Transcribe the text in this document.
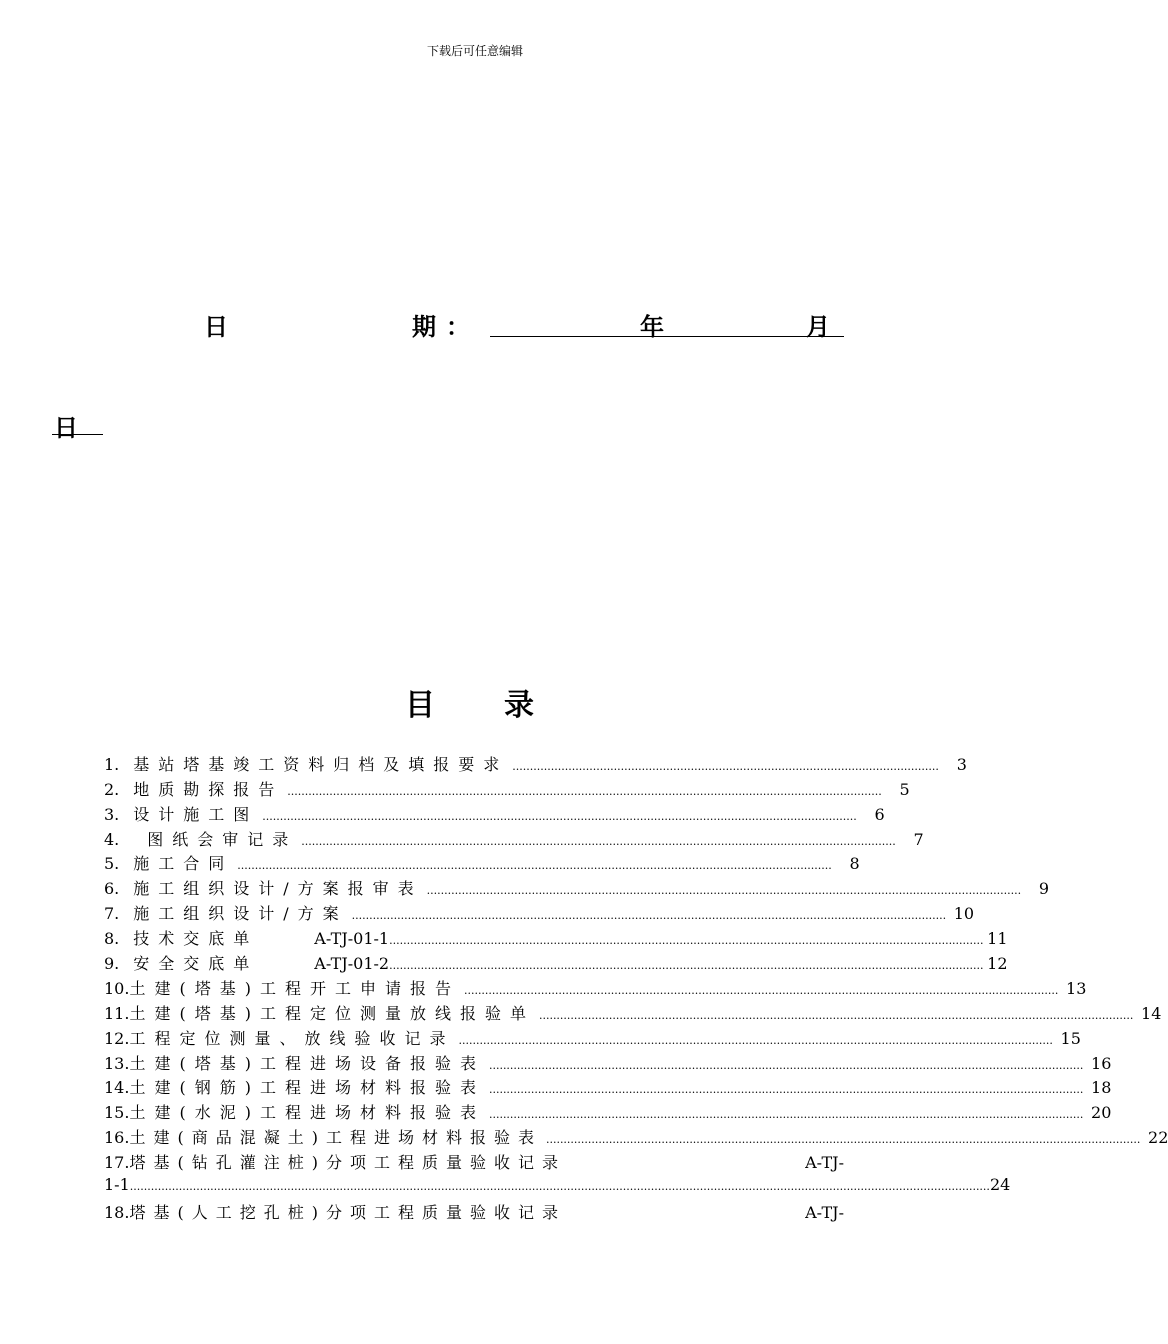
下载后可任意编辑
日	期 ：	年	月
日
目 录
1. 基站塔基竣工资料归档及填报要求 ..........................................................................................................................	3
2. 地质勘探报告 ..........................................................................................................................................................................	5
3. 设计施工图 ..........................................................................................................................................................................	6
4. 图纸会审记录 ..........................................................................................................................................................................	7
5. 施工合同 ..........................................................................................................................................................................	8
6. 施工组织设计/方案报审表 ..........................................................................................................................................................................	9
7. 施工组织设计/方案 .......................................................................................................................................................................... 10
8. 技术交底单	A-TJ-01-1 .......................................................................................................................................................................... 11
9. 安全交底单	A-TJ-01-2 .......................................................................................................................................................................... 12
10. 土建(塔基)工程开工申请报告 .......................................................................................................................................................................... 13
11. 土建(塔基)工程定位测量放线报验单 .......................................................................................................................................................................... 14
12. 工程定位测量、放线验收记录 .......................................................................................................................................................................... 15
13. 土建(塔基)工程进场设备报验表 .......................................................................................................................................................................... 16
14. 土建(钢筋)工程进场材料报验表 .......................................................................................................................................................................... 18
15. 土建(水泥)工程进场材料报验表 .......................................................................................................................................................................... 20
16. 土建(商品混凝土)工程进场材料报验表 .......................................................................................................................................................................... 22
17. 塔基(钻孔灌注桩)分项工程质量验收记录	A-TJ-
1-1 ...................................................................................................................................................................................................................................................... 24
18. 塔基(人工挖孔桩)分项工程质量验收记录	A-TJ-
